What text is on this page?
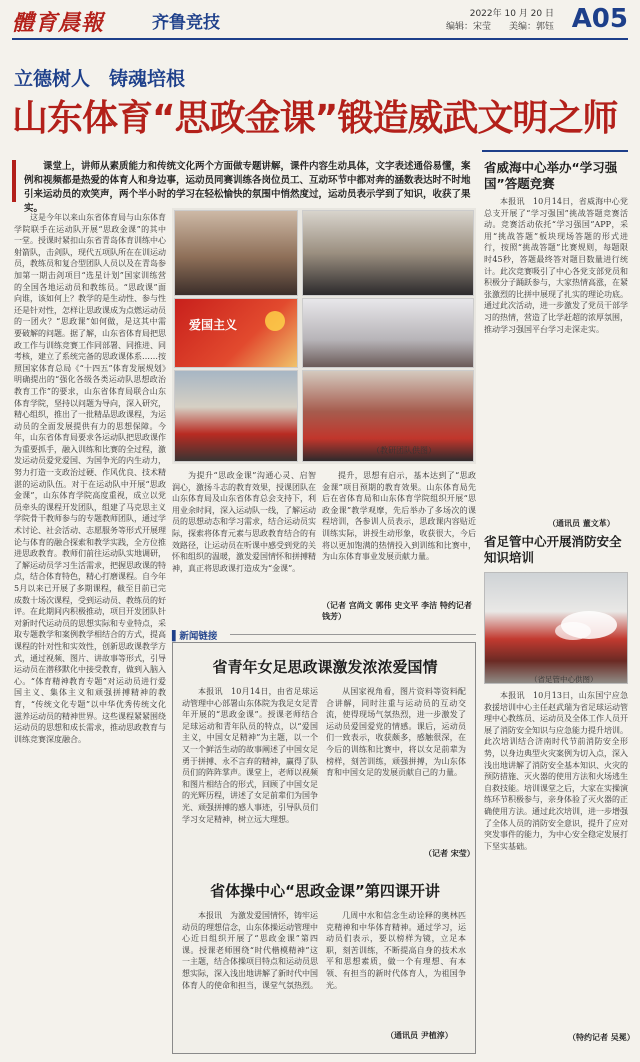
體育晨報	齐鲁竞技	2022年 10 月 20 日
编辑：宋莹　　美编：郭钰 A05
立德树人　铸魂培根
山东体育“思政金课”锻造威武文明之师
课堂上，讲师从素质能力和传统文化两个方面做专题讲解，课件内容生动具体，文字表述通俗易懂，案例和视频都是热爱的体育人和身边事，运动员同赛训练各岗位员工、互动环节中都对奔的涵数表达时不时地引来运动员的欢笑声，两个半小时的学习在轻松愉快的氛围中悄然度过，运动员表示学到了知识，收获了果实。
这是今年以来山东省体育局与山东体育学院联手在运动队开展“思政金课”的其中一堂。授课时紧扣山东省青岛体育训练中心射箭队，击剑队，现代五项队所在在训运动员，教练员和复合型团队人员以及在青岛参加第一期击剑项目“选星计划”国家训练营的全国各地运动员和教练员。“思政课”面向谁，该如何上？教学的是生动性、参与性还是针对性，怎样让思政课成为点燃运动员的一团火？“思政课”如何做，是这其中需要破解的问题。据了解，山东省体育局把思政工作与训练竞赛工作同部署、同推进、同考核，建立了系统完备的思政课体系……按照国家体育总局《“十四五”体育发展规划》明确提出的“强化各级各类运动队思想政治教育工作”的要求，山东省体育局联合山东体育学院，坚持以问题为导向，深入研究，精心组织，推出了一批精品思政课程，为运动员的全面发展提供有力的思想保障。今年，山东省体育局要求各运动队把思政课作为重要抓手，融入训练和比赛的全过程，激发运动员爱党爱国、为国争光的内生动力，努力打造一支政治过硬、作风优良、技术精湛的运动队伍。对于在运动队中开展“思政金课”，山东体育学院高度重视，成立以党员牵头的课程开发团队，组建了马克思主义学院骨干教师参与的专题教师团队，通过学术讨论、社会活动、志愿服务等形式开展理论与体育的融合探索和教学实践，全方位推进思政教育。教师们前往运动队实地调研，了解运动员学习生活需求，把握思政课的特点，结合体育特色，精心打磨课程。自今年5月以来已开展了多期课程，截至目前已完成数十场次课程，受到运动员、教练员的好评。在此期间内积极推动，项目开发团队针对新时代运动员的思想实际和专业特点，采取专题教学和案例教学相结合的方式，提高课程的针对性和实效性，创新思政课教学方式，通过视频、图片、讲故事等形式，引导运动员在潜移默化中接受教育，做到入脑入心。“体育精神教育专题”对运动员进行爱国主义、集体主义和顽强拼搏精神的教育，“传统文化专题”以中华优秀传统文化滋养运动员的精神世界。这些课程紧紧围绕运动员的思想和成长需求，推动思政教育与训练竞赛深度融合。
爱国主义
（教研团队供图）
为提升“思政金课”沟通心灵、启智润心，激扬斗志的教育效果，授课团队在山东体育局及山东省体育总会支持下，利用业余时间，深入运动队一线，了解运动员的思想动态和学习需求，结合运动员实际，探索将体育元素与思政教育结合的有效路径，让运动员在听课中感受到党的关怀和组织的温暖，激发爱国情怀和拼搏精神，真正将思政课打造成为“金课”。
提升，思想有启示，基本达到了“思政金课”项目预期的教育效果。山东体育局先后在省体育局和山东体育学院组织开展“思政金课”教学观摩，先后举办了多场次的课程培训，各参训人员表示，思政课内容贴近训练实际，讲授生动形象，收获很大，今后将以更加饱满的热情投入到训练和比赛中，为山东体育事业发展贡献力量。
（记者 宫尚文 郭伟 史文平 李洁 特约记者 钱芳）
▌新闻链接
省青年女足思政课激发浓浓爱国情
本报讯　10月14日，由省足球运动管理中心部署山东体院为我足女足青年开展的“思政金课”。授课老师结合足球运动和青年队员的特点，以“爱国主义，中国女足精神”为主题，以一个又一个鲜活生动的故事阐述了中国女足勇于拼搏、永不言弃的精神，赢得了队员们的阵阵掌声。课堂上，老师以视频和图片相结合的形式，回顾了中国女足的光辉历程，讲述了女足前辈们为国争光、顽强拼搏的感人事迹，引导队员们学习女足精神，树立远大理想。
从国家视角看，图片资料等资料配合讲解，同时注重与运动员的互动交流，使得现场气氛热烈，进一步激发了运动员爱国爱党的情感。课后，运动员们一致表示，收获颇多，感触很深，在今后的训练和比赛中，将以女足前辈为榜样，刻苦训练，顽强拼搏，为山东体育和中国女足的发展贡献自己的力量。
（记者 宋莹）
省体操中心“思政金课”第四课开讲
本报讯　为激发爱国情怀，铸牢运动员的理想信念，山东体操运动管理中心近日组织开展了“思政金课”第四课。授课老师围绕“时代楷模精神”这一主题，结合体操项目特点和运动员思想实际，深入浅出地讲解了新时代中国体育人的使命和担当，课堂气氛热烈。
几周中水和信念生动诠释的奥林匹克精神和中华体育精神。通过学习，运动员们表示，要以榜样为镜，立足本职，刻苦训练，不断提高自身的技术水平和思想素质，做一个有理想、有本领、有担当的新时代体育人，为祖国争光。
（通讯员 尹植淳）
省威海中心举办“学习强国”答题竞赛
本报讯　10月14日，省威海中心党总支开展了“学习强国”挑战答题竞赛活动。竞赛活动依托“学习强国”APP，采用“挑战答题”板块现场答题的形式进行，按照“挑战答题”比赛规则，每题限时45秒，答题最终答对题目数量进行统计。此次竞赛吸引了中心各党支部党员和积极分子踊跃参与，大家热情高涨，在紧张激烈的比拼中展现了扎实的理论功底。通过此次活动，进一步激发了党员干部学习的热情，营造了比学赶超的浓厚氛围，推动学习强国平台学习走深走实。
（通讯员 董文革）
省足管中心开展消防安全知识培训
（省足管中心供图）
本报讯　10月13日，山东国宁应急救援培训中心主任赵武瑞为省足球运动管理中心教练员、运动员及全体工作人员开展了消防安全知识与应急能力提升培训。此次培训结合济南时代节前消防安全形势，以身边典型火灾案例为切入点，深入浅出地讲解了消防安全基本知识、火灾的预防措施、灭火器的使用方法和火场逃生自救技能。培训课堂之后，大家在实操演练环节积极参与，亲身体验了灭火器的正确使用方法。通过此次培训，进一步增强了全体人员的消防安全意识，提升了应对突发事件的能力，为中心安全稳定发展打下坚实基础。
（特约记者 吴冕）
